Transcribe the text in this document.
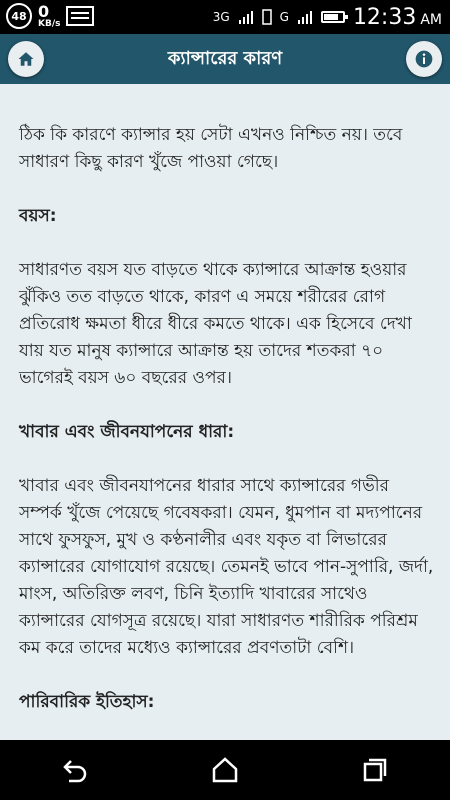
48 0
KB/s	3G	G	12:33 AM
ক্যান্সারের কারণ

ঠিক কি কারণে ক্যান্সার হয় সেটা এখনও নিশ্চিত নয়। তবে সাধারণ কিছু কারণ খুঁজে পাওয়া গেছে।

বয়স:

সাধারণত বয়স যত বাড়তে থাকে ক্যান্সারে আক্রান্ত হওয়ার ঝুঁকিও তত বাড়তে থাকে, কারণ এ সময়ে শরীরের রোগ প্রতিরোধ ক্ষমতা ধীরে ধীরে কমতে থাকে। এক হিসেবে দেখা যায় যত মানুষ ক্যান্সারে আক্রান্ত হয় তাদের শতকরা ৭০ ভাগেরই বয়স ৬০ বছরের ওপর।

খাবার এবং জীবনযাপনের ধারা:

খাবার এবং জীবনযাপনের ধারার সাথে ক্যান্সারের গভীর সম্পর্ক খুঁজে পেয়েছে গবেষকরা। যেমন, ধুমপান বা মদ্যপানের সাথে ফুসফুস, মুখ ও কণ্ঠনালীর এবং যকৃত বা লিভারের ক্যান্সারের যোগাযোগ রয়েছে। তেমনই ভাবে পান-সুপারি, জর্দা, মাংস, অতিরিক্ত লবণ, চিনি ইত্যাদি খাবারের সাথেও ক্যান্সারের যোগসূত্র রয়েছে। যারা সাধারণত শারীরিক পরিশ্রম কম করে তাদের মধ্যেও ক্যান্সারের প্রবণতাটা বেশি।

পারিবারিক ইতিহাস:
